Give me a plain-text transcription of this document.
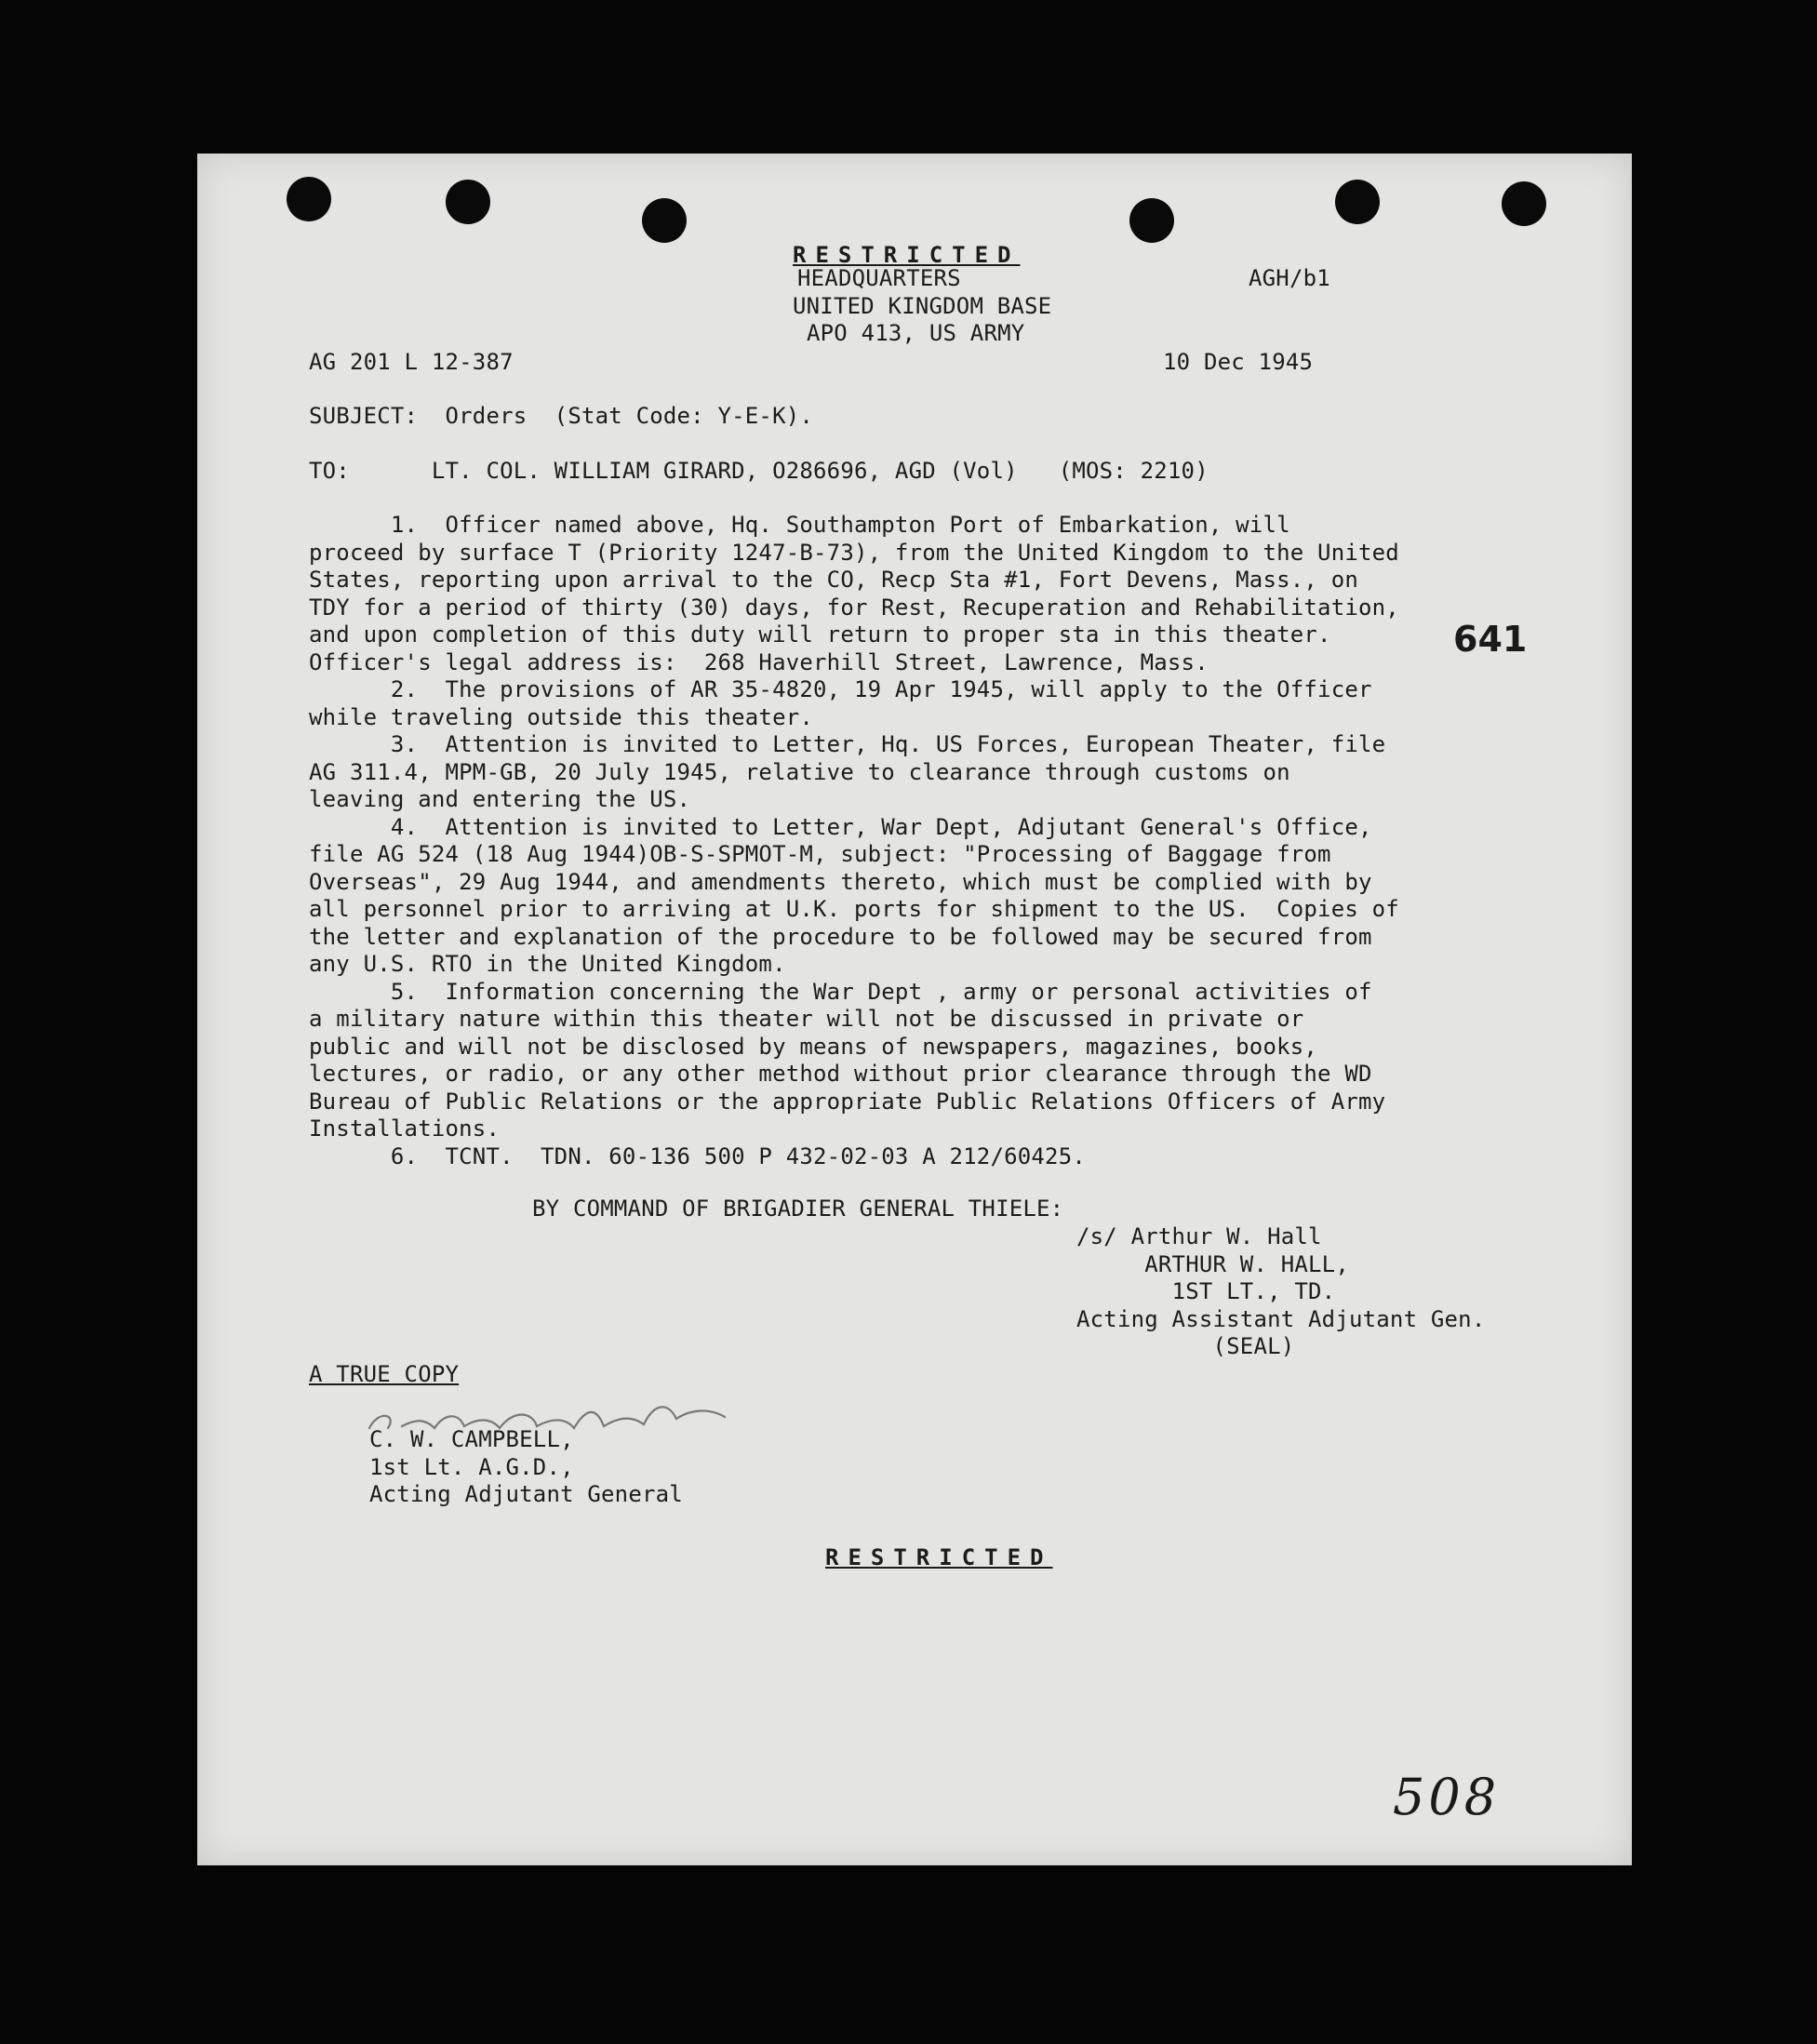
RESTRICTED
HEADQUARTERS
UNITED KINGDOM BASE
APO 413, US ARMY
AGH/b1
AG 201 L 12-387	10 Dec 1945
SUBJECT:  Orders  (Stat Code: Y-E-K).
TO:      LT. COL. WILLIAM GIRARD, O286696, AGD (Vol)   (MOS: 2210)
1.  Officer named above, Hq. Southampton Port of Embarkation, will
proceed by surface T (Priority 1247-B-73), from the United Kingdom to the United
States, reporting upon arrival to the CO, Recp Sta #1, Fort Devens, Mass., on
TDY for a period of thirty (30) days, for Rest, Recuperation and Rehabilitation,
and upon completion of this duty will return to proper sta in this theater.
Officer's legal address is:  268 Haverhill Street, Lawrence, Mass.
2.  The provisions of AR 35-4820, 19 Apr 1945, will apply to the Officer
while traveling outside this theater.
3.  Attention is invited to Letter, Hq. US Forces, European Theater, file
AG 311.4, MPM-GB, 20 July 1945, relative to clearance through customs on
leaving and entering the US.
4.  Attention is invited to Letter, War Dept, Adjutant General's Office,
file AG 524 (18 Aug 1944)OB-S-SPMOT-M, subject: "Processing of Baggage from
Overseas", 29 Aug 1944, and amendments thereto, which must be complied with by
all personnel prior to arriving at U.K. ports for shipment to the US.  Copies of
the letter and explanation of the procedure to be followed may be secured from
any U.S. RTO in the United Kingdom.
5.  Information concerning the War Dept , army or personal activities of
a military nature within this theater will not be discussed in private or
public and will not be disclosed by means of newspapers, magazines, books,
lectures, or radio, or any other method without prior clearance through the WD
Bureau of Public Relations or the appropriate Public Relations Officers of Army
Installations.
6.  TCNT.  TDN. 60-136 500 P 432-02-03 A 212/60425.
641
BY COMMAND OF BRIGADIER GENERAL THIELE:
/s/ Arthur W. Hall
ARTHUR W. HALL,
1ST LT., TD.
Acting Assistant Adjutant Gen.
(SEAL)
A TRUE COPY
C. W. CAMPBELL,
1st Lt. A.G.D.,
Acting Adjutant General
RESTRICTED
508
